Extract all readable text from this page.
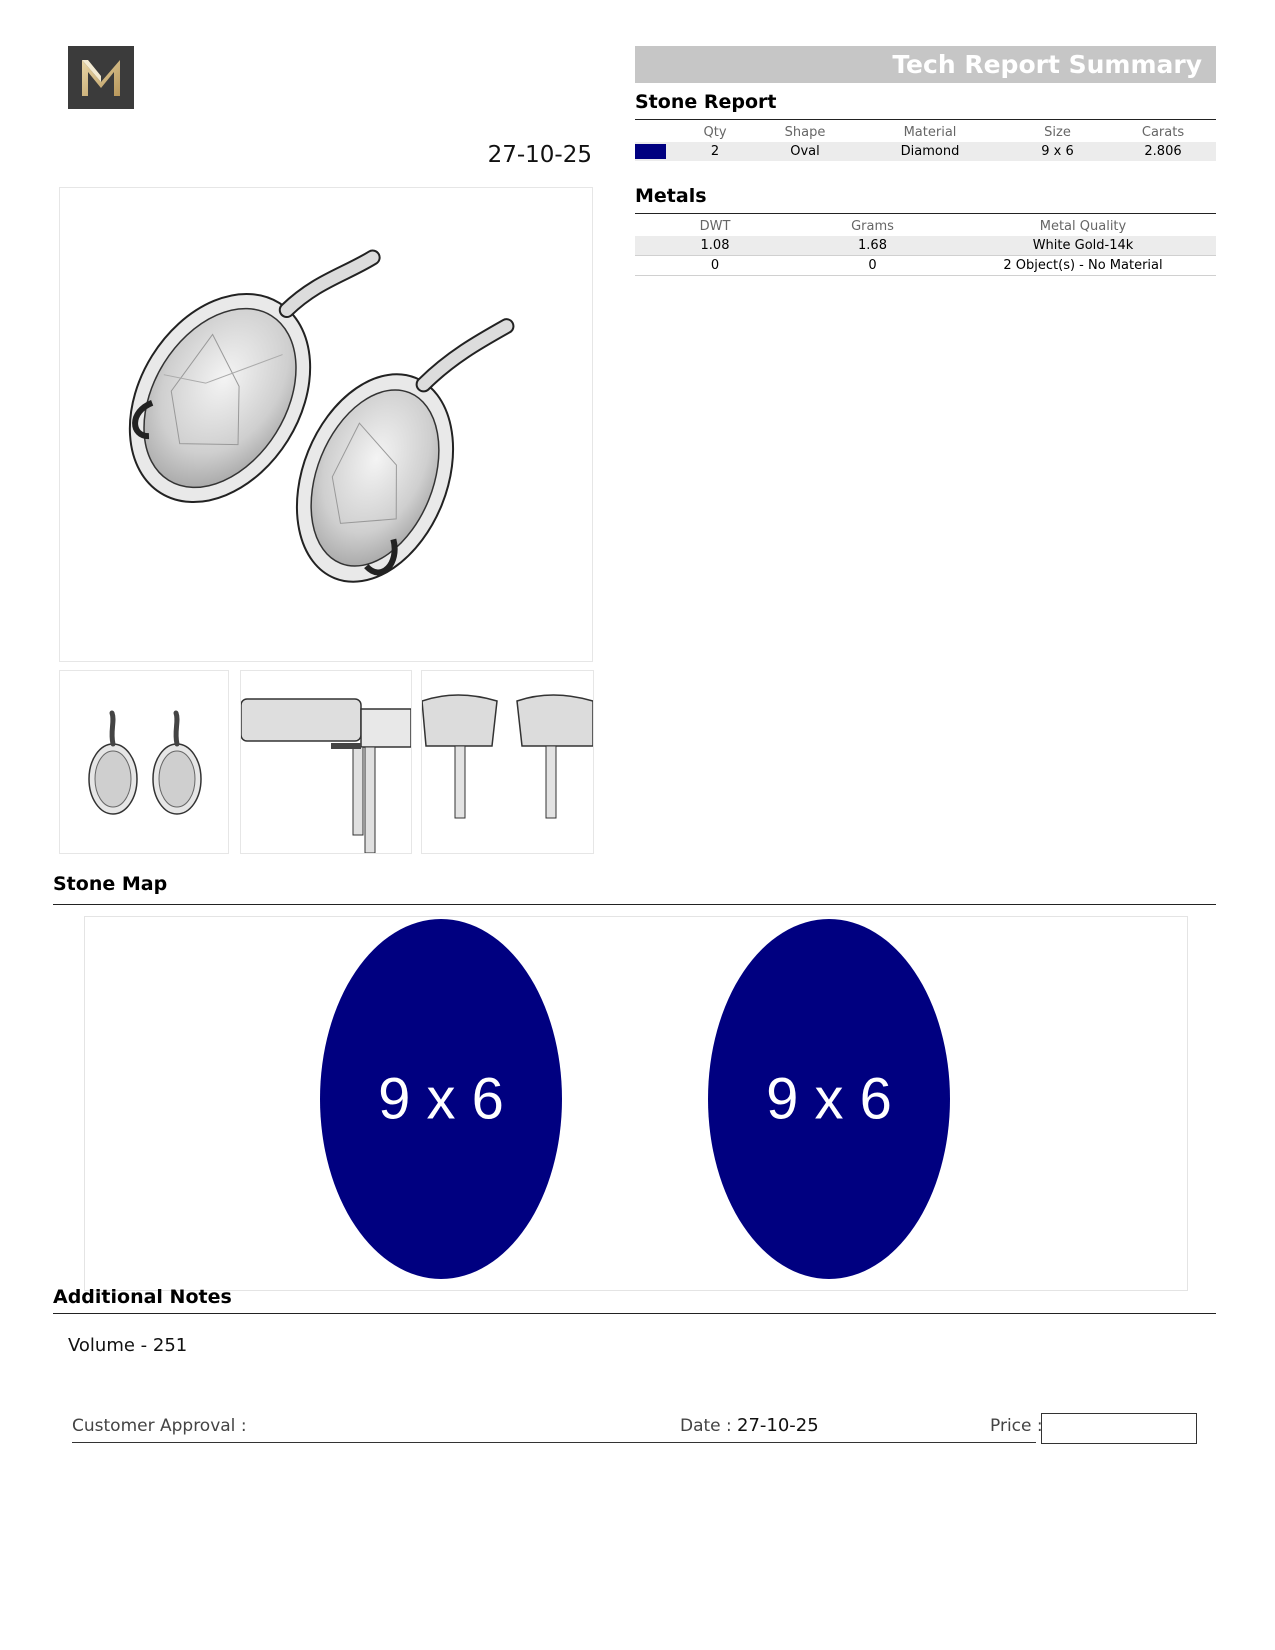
27-10-25
Tech Report Summary
Stone Report
	Qty	Shape	Material	Size	Carats
	2	Oval	Diamond	9 x 6	2.806
Metals
DWT	Grams	Metal Quality
1.08	1.68	White Gold-14k
0	0	2 Object(s) - No Material
Stone Map
9 x 6	9 x 6
Additional Notes
Volume - 251
Customer Approval :	Date : 27-10-25	Price :
